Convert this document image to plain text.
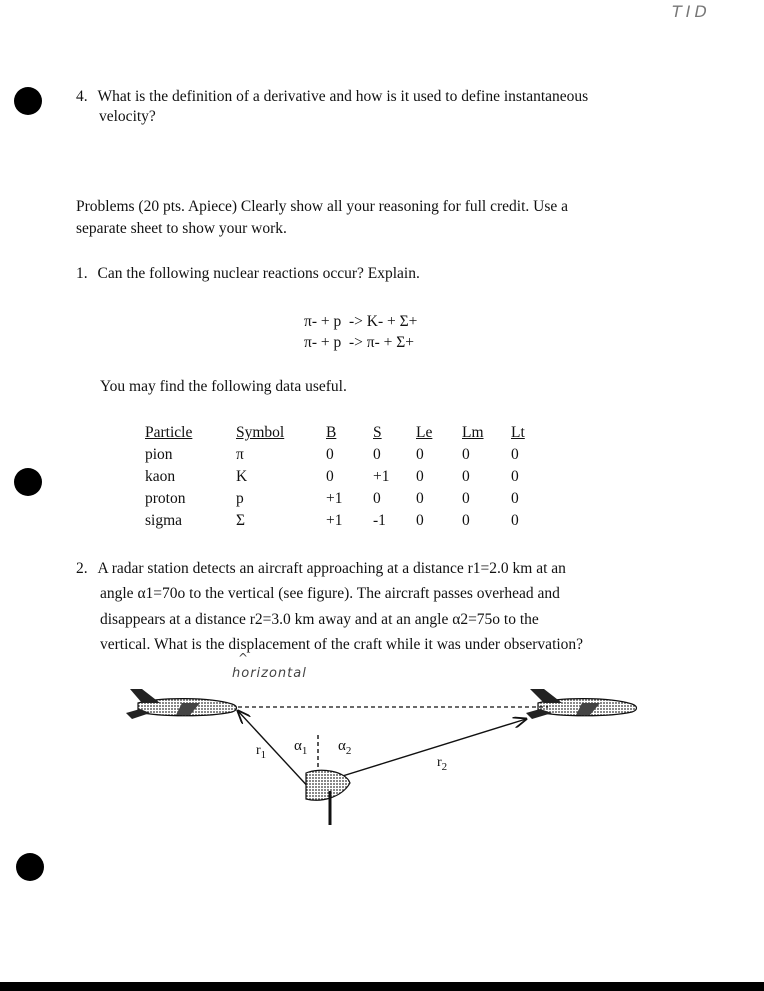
TID
4. What is the definition of a derivative and how is it used to define instantaneous
velocity?
Problems (20 pts. Apiece) Clearly show all your reasoning for full credit. Use a
separate sheet to show your work.
1. Can the following nuclear reactions occur? Explain.
π- + p  -> K- + Σ+
π- + p  -> π- + Σ+
You may find the following data useful.
Particle	Symbol	B	S	Le	Lm	Lt
pion	π	0	0	0	0	0
kaon	K	0	+1	0	0	0
proton	p	+1	0	0	0	0
sigma	Σ	+1	-1	0	0	0
2. A radar station detects an aircraft approaching at a distance r1=2.0 km at an
angle α1=70o to the vertical (see figure). The aircraft passes overhead and
disappears at a distance r2=3.0 km away and at an angle α2=75o to the
vertical. What is the displacement of the craft while it was under observation?
^
horizontal
$r_1$
$\alpha_1$ $\alpha_2$
$r_2$
